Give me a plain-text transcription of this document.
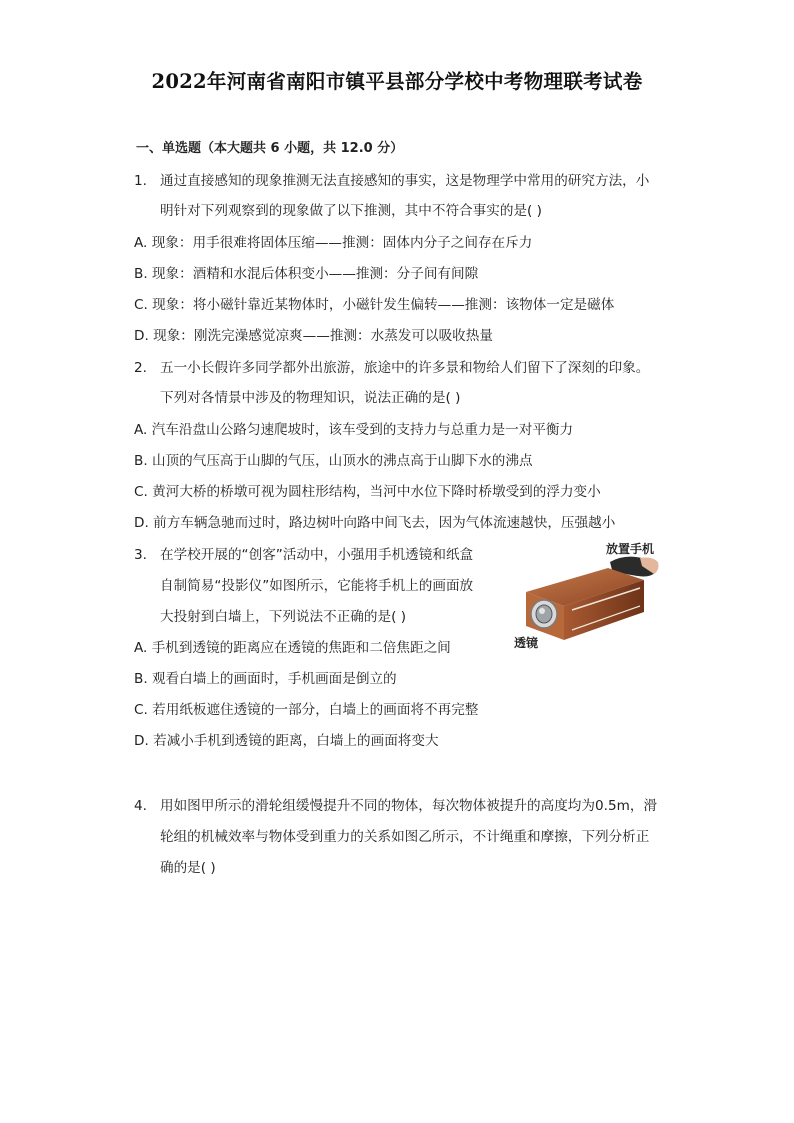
2022年河南省南阳市镇平县部分学校中考物理联考试卷
一、单选题（本大题共 6 小题，共 12.0 分）
1. 通过直接感知的现象推测无法直接感知的事实，这是物理学中常用的研究方法，小
明针对下列观察到的现象做了以下推测，其中不符合事实的是( )
A. 现象：用手很难将固体压缩——推测：固体内分子之间存在斥力
B. 现象：酒精和水混后体积变小——推测：分子间有间隙
C. 现象：将小磁针靠近某物体时，小磁针发生偏转——推测：该物体一定是磁体
D. 现象：刚洗完澡感觉凉爽——推测：水蒸发可以吸收热量
2. 五一小长假许多同学都外出旅游，旅途中的许多景和物给人们留下了深刻的印象。
下列对各情景中涉及的物理知识，说法正确的是( )
A. 汽车沿盘山公路匀速爬坡时，该车受到的支持力与总重力是一对平衡力
B. 山顶的气压高于山脚的气压，山顶水的沸点高于山脚下水的沸点
C. 黄河大桥的桥墩可视为圆柱形结构，当河中水位下降时桥墩受到的浮力变小
D. 前方车辆急驰而过时，路边树叶向路中间飞去，因为气体流速越快，压强越小
3. 在学校开展的“创客”活动中，小强用手机透镜和纸盒
自制简易“投影仪”如图所示，它能将手机上的画面放
大投射到白墙上，下列说法不正确的是( )
A. 手机到透镜的距离应在透镜的焦距和二倍焦距之间
B. 观看白墙上的画面时，手机画面是倒立的
C. 若用纸板遮住透镜的一部分，白墙上的画面将不再完整
D. 若减小手机到透镜的距离，白墙上的画面将变大
放置手机
透镜
4. 用如图甲所示的滑轮组缓慢提升不同的物体，每次物体被提升的高度均为0.5m，滑
轮组的机械效率与物体受到重力的关系如图乙所示，不计绳重和摩擦，下列分析正
确的是( )
